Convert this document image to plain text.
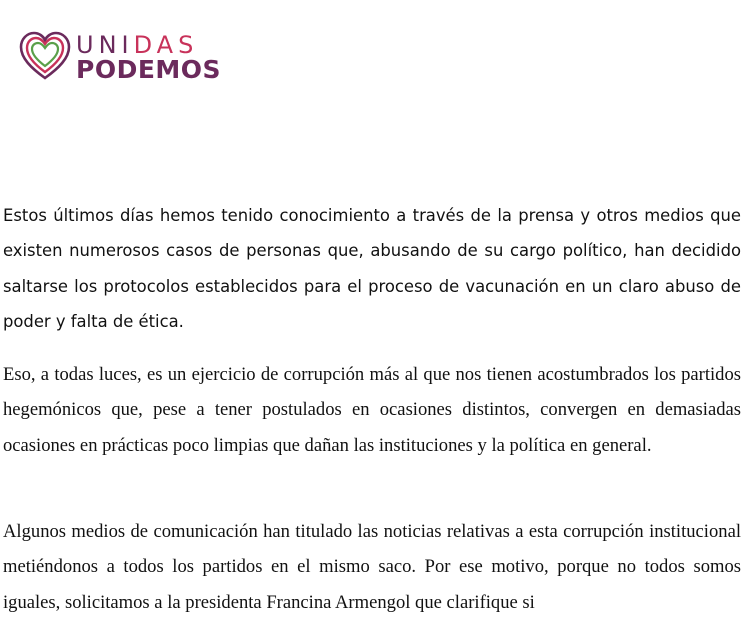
UNIDAS
PODEMOS

Estos últimos días hemos tenido conocimiento a través de la prensa y otros medios que existen numerosos casos de personas que, abusando de su cargo político, han decidido saltarse los protocolos establecidos para el proceso de vacunación en un claro abuso de poder y falta de ética.

Eso, a todas luces, es un ejercicio de corrupción más al que nos tienen acostumbrados los partidos hegemónicos que, pese a tener postulados en ocasiones distintos, convergen en demasiadas ocasiones en prácticas poco limpias que dañan las instituciones y la política en general.

Algunos medios de comunicación han titulado las noticias relativas a esta corrupción institucional metiéndonos a todos los partidos en el mismo saco. Por ese motivo, porque no todos somos iguales, solicitamos a la presidenta Francina Armengol que clarifique si
